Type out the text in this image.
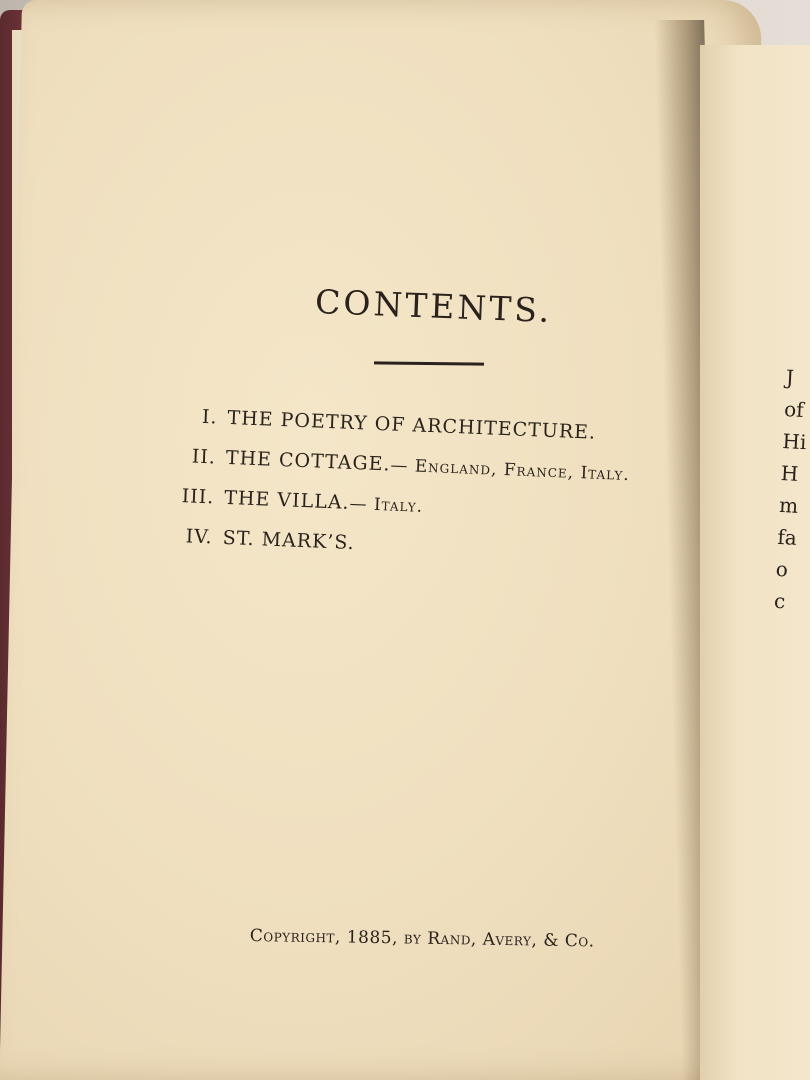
CONTENTS.
I. THE POETRY OF ARCHITECTURE.
II. THE COTTAGE. — England, France, Italy.
III. THE VILLA. — Italy.
IV. ST. MARK’S.
Copyright, 1885, by Rand, Avery, & Co.
J
of
Hi
H
m
fa
o
c
